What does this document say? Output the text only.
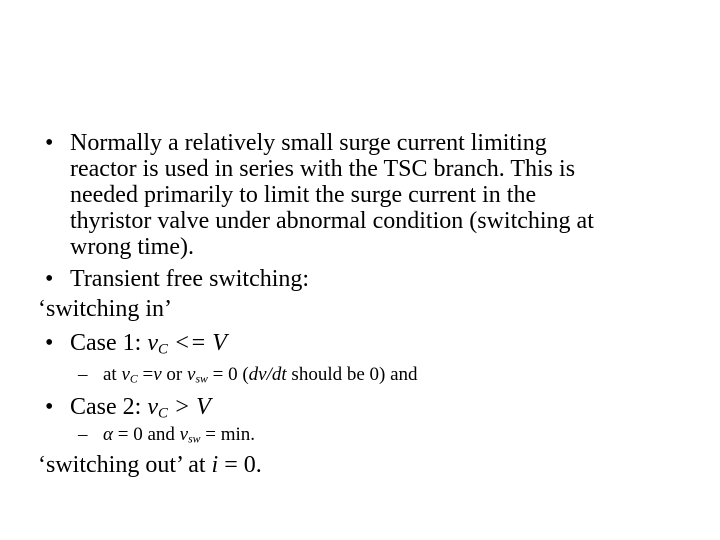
• Normally a relatively small surge current limiting
reactor is used in series with the TSC branch. This is
needed primarily to limit the surge current in the
thyristor valve under abnormal condition (switching at
wrong time).
• Transient free switching:
‘switching in’
• Case 1: $v_C <= V$
– at $v_C =v$ or $v_{sw} = 0$ (dv/dt should be 0) and
• Case 2: $v_C > V$
– α = 0 and $v_{sw} = \min$.
‘switching out’ at i = 0.
